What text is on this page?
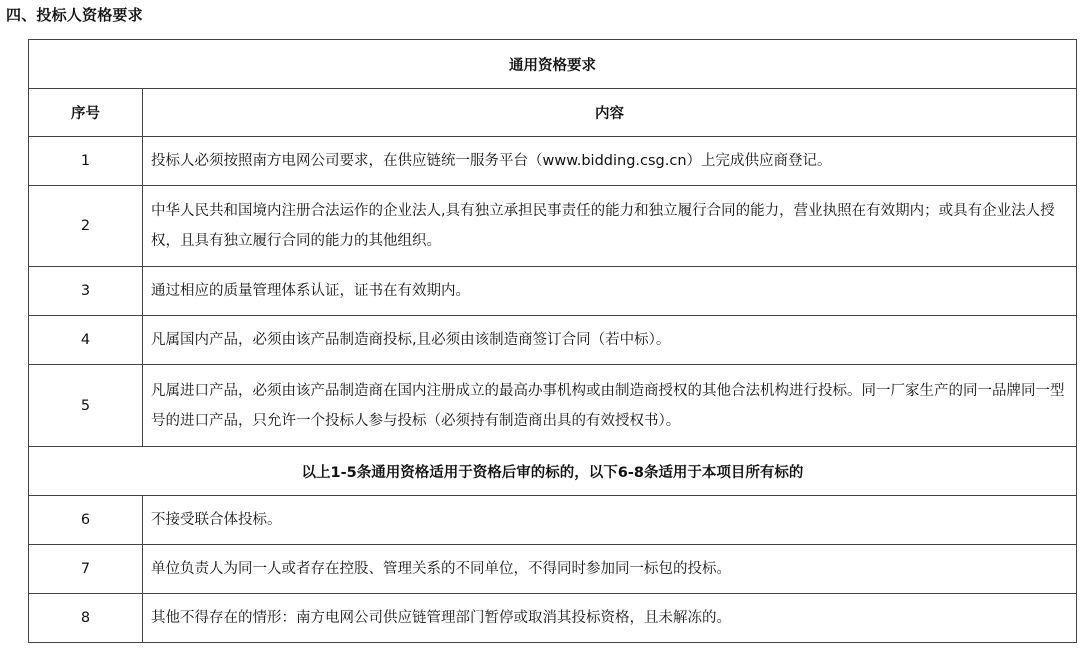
四、投标人资格要求
通用资格要求	
序号	内容
1	投标人必须按照南方电网公司要求，在供应链统一服务平台（www.bidding.csg.cn）上完成供应商登记。
2	中华人民共和国境内注册合法运作的企业法人,具有独立承担民事责任的能力和独立履行合同的能力，营业执照在有效期内；或具有企业法人授权，且具有独立履行合同的能力的其他组织。
3	通过相应的质量管理体系认证，证书在有效期内。
4	凡属国内产品，必须由该产品制造商投标,且必须由该制造商签订合同（若中标）。
5	凡属进口产品，必须由该产品制造商在国内注册成立的最高办事机构或由制造商授权的其他合法机构进行投标。同一厂家生产的同一品牌同一型号的进口产品，只允许一个投标人参与投标（必须持有制造商出具的有效授权书）。
以上1-5条通用资格适用于资格后审的标的，以下6-8条适用于本项目所有标的	
6	不接受联合体投标。
7	单位负责人为同一人或者存在控股、管理关系的不同单位，不得同时参加同一标包的投标。
8	其他不得存在的情形：南方电网公司供应链管理部门暂停或取消其投标资格，且未解冻的。
